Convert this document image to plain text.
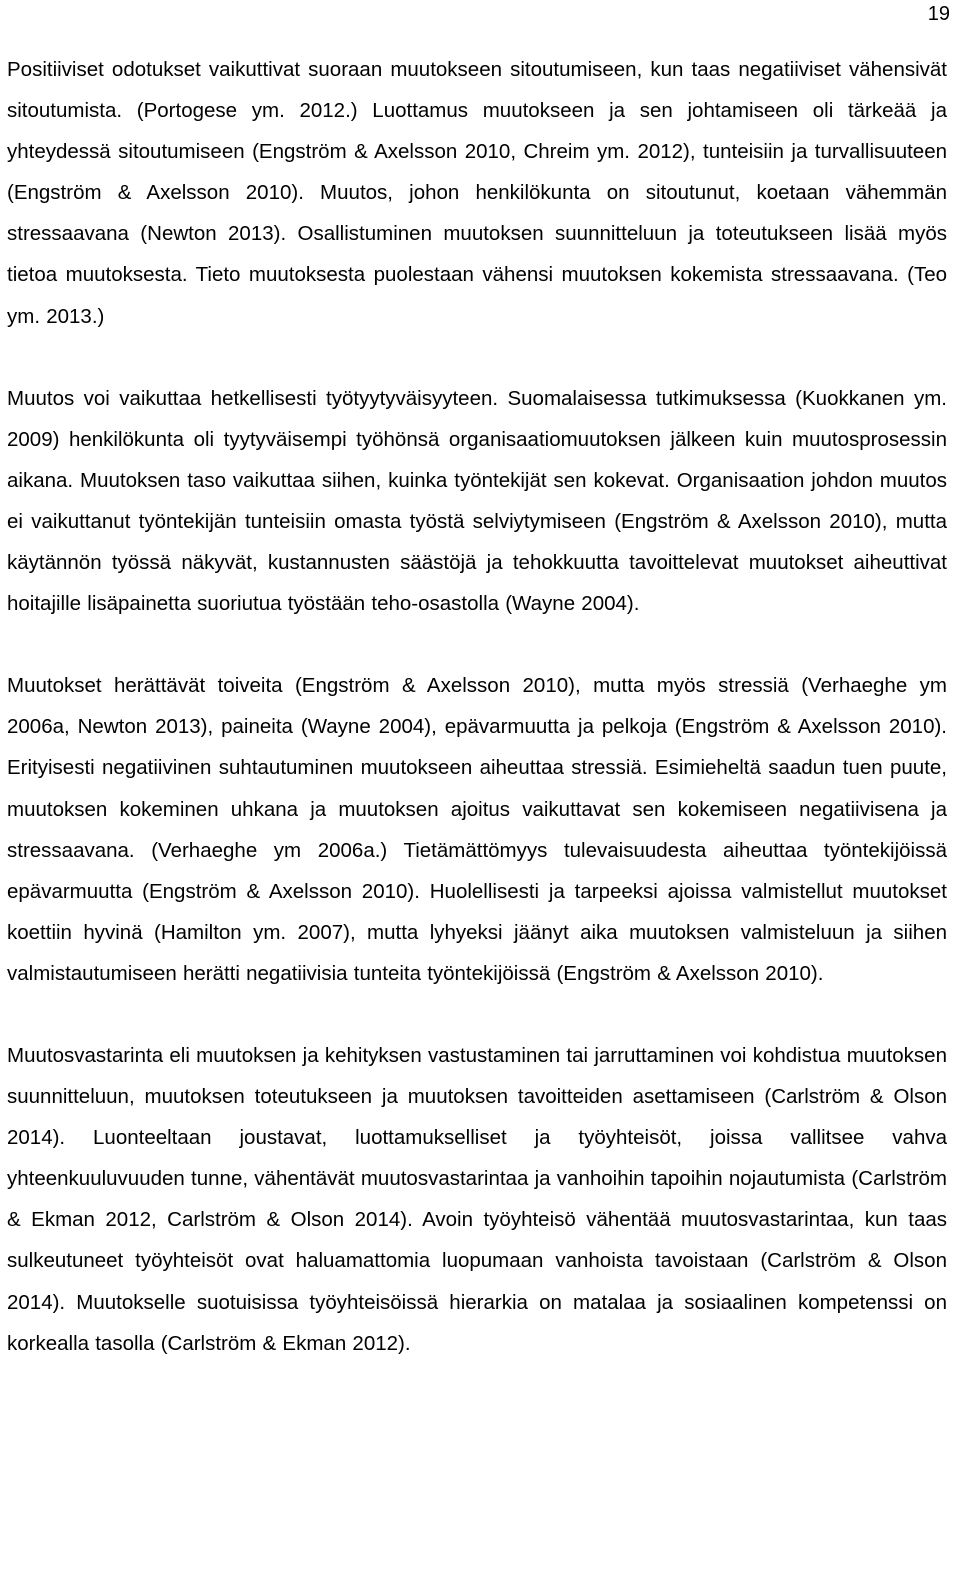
19

Positiiviset odotukset vaikuttivat suoraan muutokseen sitoutumiseen, kun taas negatiiviset vähensivät sitoutumista. (Portogese ym. 2012.) Luottamus muutokseen ja sen johtamiseen oli tärkeää ja yhteydessä sitoutumiseen (Engström & Axelsson 2010, Chreim ym. 2012), tunteisiin ja turvallisuuteen (Engström & Axelsson 2010). Muutos, johon henkilökunta on sitoutunut, koetaan vähemmän stressaavana (Newton 2013). Osallistuminen muutoksen suunnitteluun ja toteutukseen lisää myös tietoa muutoksesta. Tieto muutoksesta puolestaan vähensi muutoksen kokemista stressaavana. (Teo ym. 2013.)

Muutos voi vaikuttaa hetkellisesti työtyytyväisyyteen. Suomalaisessa tutkimuksessa (Kuokkanen ym. 2009) henkilökunta oli tyytyväisempi työhönsä organisaatiomuutoksen jälkeen kuin muutosprosessin aikana. Muutoksen taso vaikuttaa siihen, kuinka työntekijät sen kokevat. Organisaation johdon muutos ei vaikuttanut työntekijän tunteisiin omasta työstä selviytymiseen (Engström & Axelsson 2010), mutta käytännön työssä näkyvät, kustannusten säästöjä ja tehokkuutta tavoittelevat muutokset aiheuttivat hoitajille lisäpainetta suoriutua työstään teho-osastolla (Wayne 2004).

Muutokset herättävät toiveita (Engström & Axelsson 2010), mutta myös stressiä (Verhaeghe ym 2006a, Newton 2013), paineita (Wayne 2004), epävarmuutta ja pelkoja (Engström & Axelsson 2010). Erityisesti negatiivinen suhtautuminen muutokseen aiheuttaa stressiä. Esimieheltä saadun tuen puute, muutoksen kokeminen uhkana ja muutoksen ajoitus vaikuttavat sen kokemiseen negatiivisena ja stressaavana. (Verhaeghe ym 2006a.) Tietämättömyys tulevaisuudesta aiheuttaa työntekijöissä epävarmuutta (Engström & Axelsson 2010). Huolellisesti ja tarpeeksi ajoissa valmistellut muutokset koettiin hyvinä (Hamilton ym. 2007), mutta lyhyeksi jäänyt aika muutoksen valmisteluun ja siihen valmistautumiseen herätti negatiivisia tunteita työntekijöissä (Engström & Axelsson 2010).

Muutosvastarinta eli muutoksen ja kehityksen vastustaminen tai jarruttaminen voi kohdistua muutoksen suunnitteluun, muutoksen toteutukseen ja muutoksen tavoitteiden asettamiseen (Carlström & Olson 2014). Luonteeltaan joustavat, luottamukselliset ja työyhteisöt, joissa vallitsee vahva yhteenkuuluvuuden tunne, vähentävät muutosvastarintaa ja vanhoihin tapoihin nojautumista (Carlström & Ekman 2012, Carlström & Olson 2014). Avoin työyhteisö vähentää muutosvastarintaa, kun taas sulkeutuneet työyhteisöt ovat haluamattomia luopumaan vanhoista tavoistaan (Carlström & Olson 2014). Muutokselle suotuisissa työyhteisöissä hierarkia on matalaa ja sosiaalinen kompetenssi on korkealla tasolla (Carlström & Ekman 2012).
